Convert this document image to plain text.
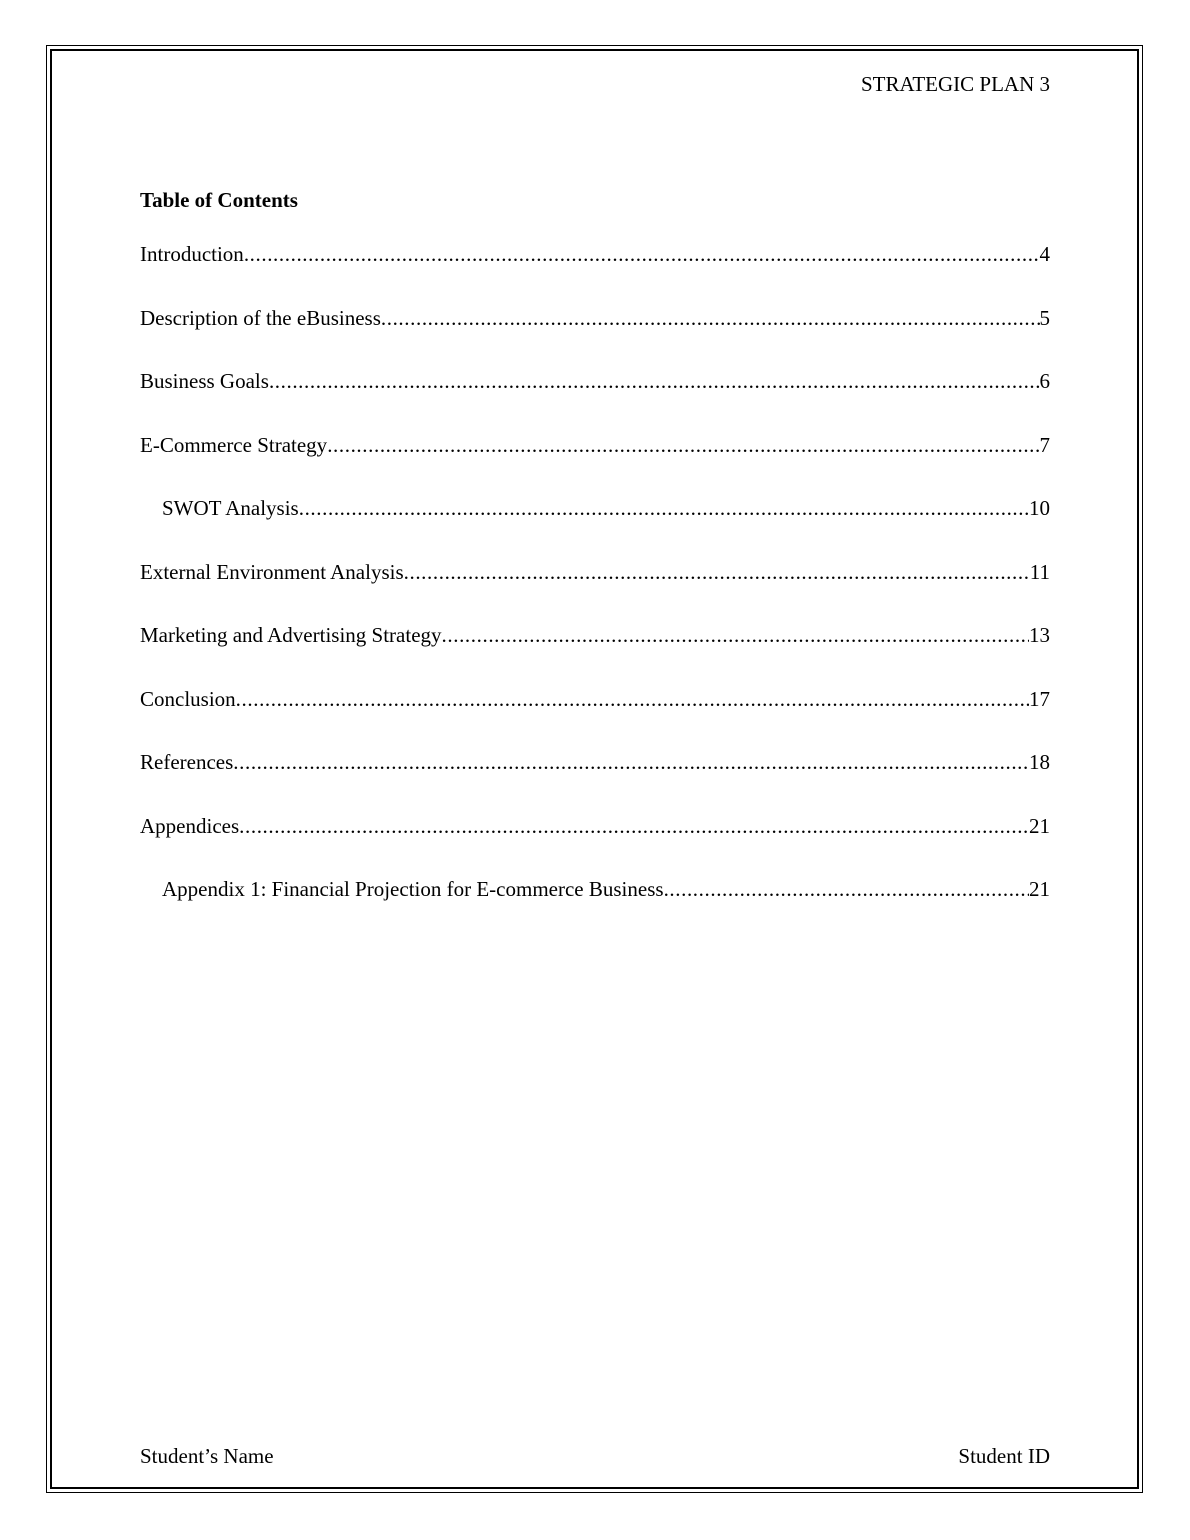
STRATEGIC PLAN 3
Table of Contents
Introduction .....	4
Description of the eBusiness .....	5
Business Goals .....	6
E-Commerce Strategy .....	7
SWOT Analysis .....	10
External Environment Analysis .....	11
Marketing and Advertising Strategy .....	13
Conclusion .....	17
References .....	18
Appendices .....	21
Appendix 1: Financial Projection for E-commerce Business .....	21
Student’s Name	Student ID
